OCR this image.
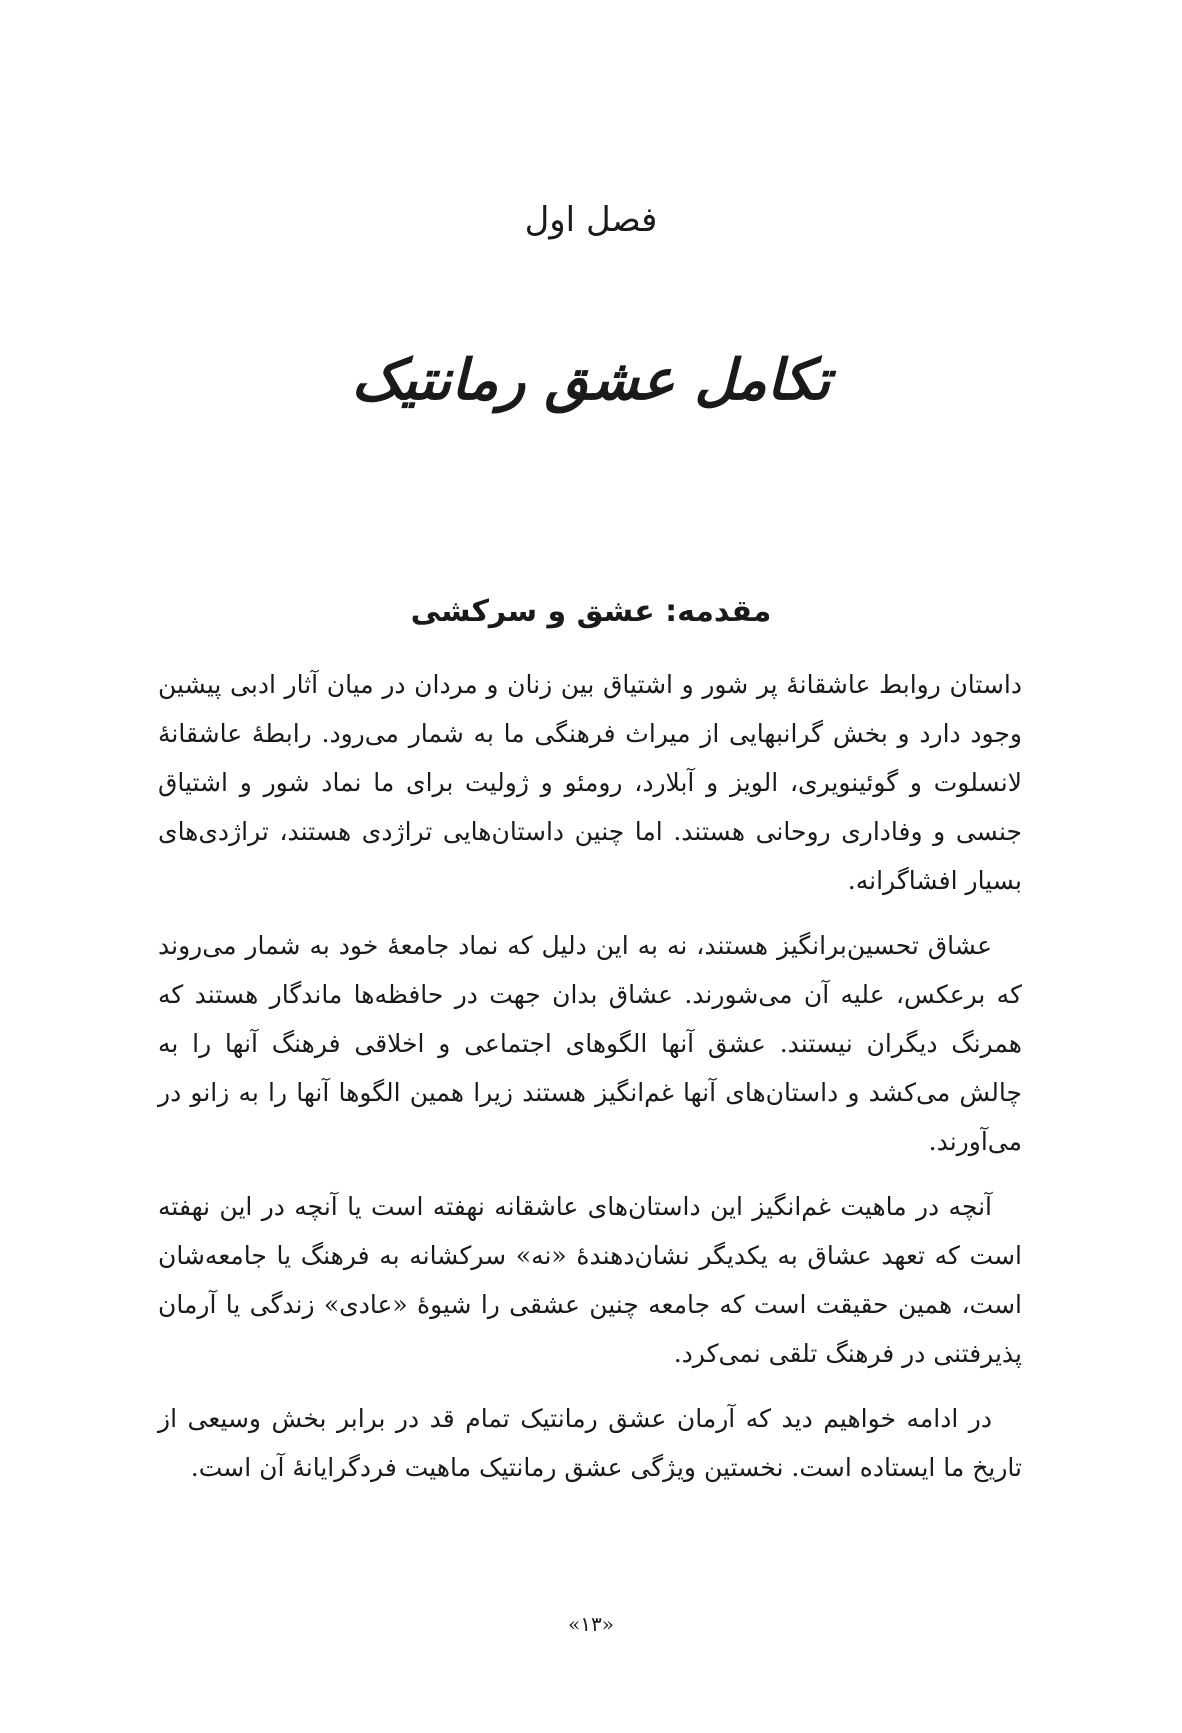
فصل اول
تکامل عشق رمانتیک
مقدمه: عشق و سرکشی

داستان روابط عاشقانهٔ پر شور و اشتیاق بین زنان و مردان در میان آثار ادبی پیشین وجود دارد و بخش گرانبهایی از میراث فرهنگی ما به شمار می‌رود. رابطهٔ عاشقانهٔ لانسلوت و گوئینویری، الویز و آبلارد، رومئو و ژولیت برای ما نماد شور و اشتیاق جنسی و وفاداری روحانی هستند. اما چنین داستان‌هایی تراژدی هستند، تراژدی‌های بسیار افشاگرانه.

عشاق تحسین‌برانگیز هستند، نه به این دلیل که نماد جامعهٔ خود به شمار می‌روند که برعکس، علیه آن می‌شورند. عشاق بدان جهت در حافظه‌ها ماندگار هستند که همرنگ دیگران نیستند. عشق آنها الگوهای اجتماعی و اخلاقی فرهنگ آنها را به چالش می‌کشد و داستان‌های آنها غم‌انگیز هستند زیرا همین الگوها آنها را به زانو در می‌آورند.

آنچه در ماهیت غم‌انگیز این داستان‌های عاشقانه نهفته است یا آنچه در این نهفته است که تعهد عشاق به یکدیگر نشان‌دهندهٔ «نه» سرکشانه به فرهنگ یا جامعه‌شان است، همین حقیقت است که جامعه چنین عشقی را شیوهٔ «عادی» زندگی یا آرمان پذیرفتنی در فرهنگ تلقی نمی‌کرد.

در ادامه خواهیم دید که آرمان عشق رمانتیک تمام قد در برابر بخش وسیعی از تاریخ ما ایستاده است. نخستین ویژگی عشق رمانتیک ماهیت فردگرایانهٔ آن است.

«۱۳»
